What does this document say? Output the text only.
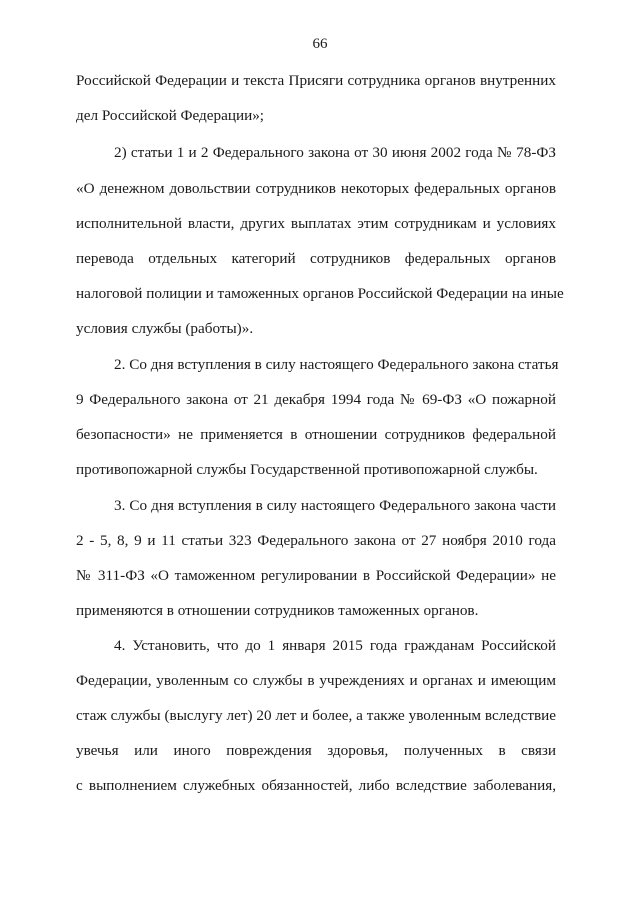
66
Российской Федерации и текста Присяги сотрудника органов внутренних
дел Российской Федерации»;
2) статьи 1 и 2 Федерального закона от 30 июня 2002 года № 78-ФЗ
«О денежном довольствии сотрудников некоторых федеральных органов
исполнительной власти, других выплатах этим сотрудникам и условиях
перевода отдельных категорий сотрудников федеральных органов
налоговой полиции и таможенных органов Российской Федерации на иные
условия службы (работы)».
2. Со дня вступления в силу настоящего Федерального закона статья
9 Федерального закона от 21 декабря 1994 года № 69-ФЗ «О пожарной
безопасности» не применяется в отношении сотрудников федеральной
противопожарной службы Государственной противопожарной службы.
3. Со дня вступления в силу настоящего Федерального закона части
2 - 5, 8, 9 и 11 статьи 323 Федерального закона от 27 ноября 2010 года
№ 311-ФЗ «О таможенном регулировании в Российской Федерации» не
применяются в отношении сотрудников таможенных органов.
4. Установить, что до 1 января 2015 года гражданам Российской
Федерации, уволенным со службы в учреждениях и органах и имеющим
стаж службы (выслугу лет) 20 лет и более, а также уволенным вследствие
увечья или иного повреждения здоровья, полученных в связи
с выполнением служебных обязанностей, либо вследствие заболевания,
